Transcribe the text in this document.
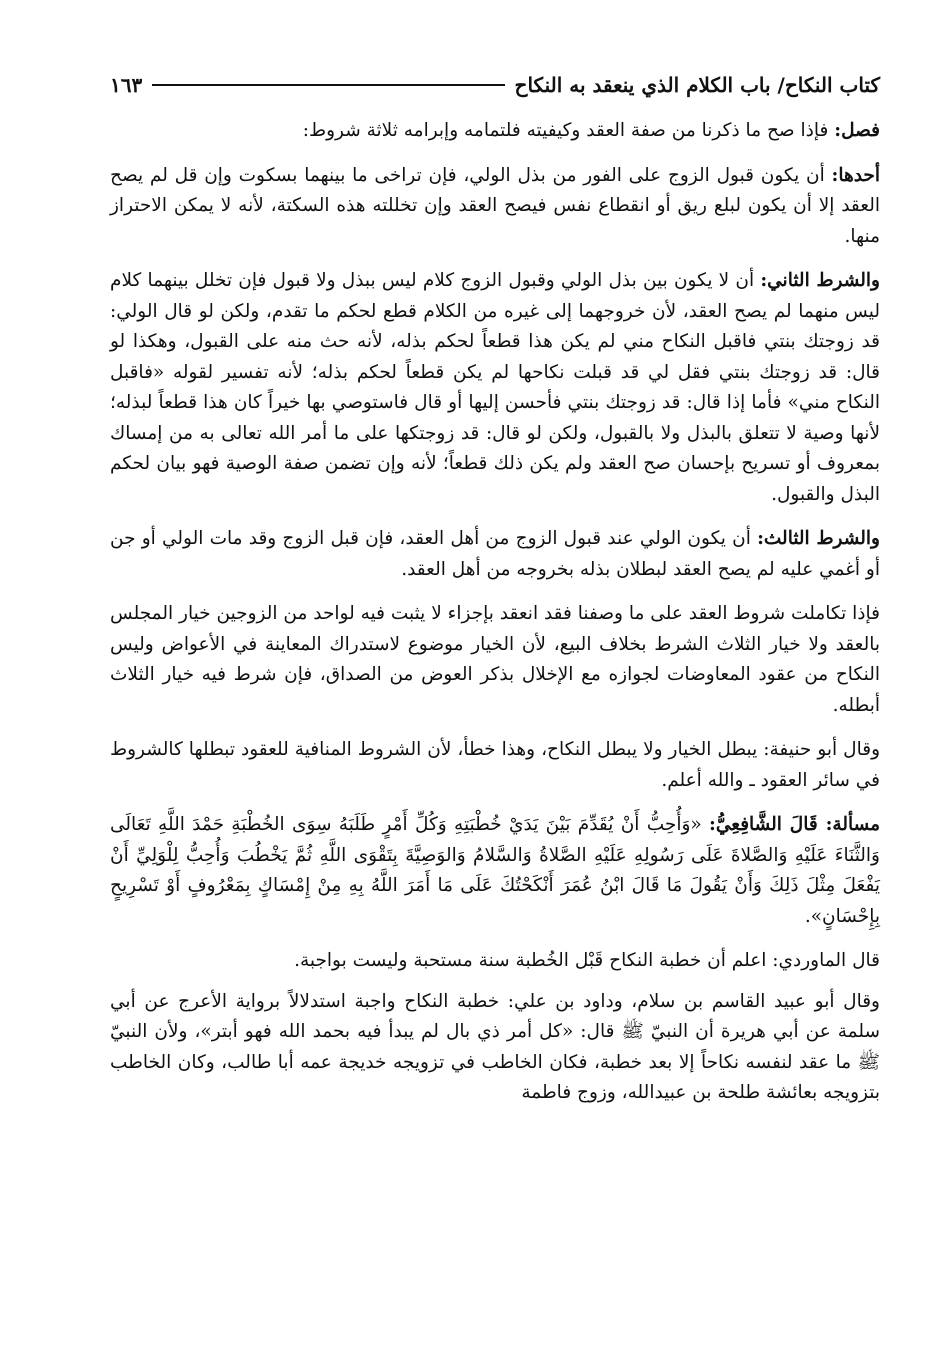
كتاب النكاح/ باب الكلام الذي ينعقد به النكاح
١٦٣

فصل: فإذا صح ما ذكرنا من صفة العقد وكيفيته فلتمامه وإبرامه ثلاثة شروط:

أحدها: أن يكون قبول الزوج على الفور من بذل الولي، فإن تراخى ما بينهما بسكوت وإن قل لم يصح العقد إلا أن يكون لبلع ريق أو انقطاع نفس فيصح العقد وإن تخللته هذه السكتة، لأنه لا يمكن الاحتراز منها.

والشرط الثاني: أن لا يكون بين بذل الولي وقبول الزوج كلام ليس ببذل ولا قبول فإن تخلل بينهما كلام ليس منهما لم يصح العقد، لأن خروجهما إلى غيره من الكلام قطع لحكم ما تقدم، ولكن لو قال الولي: قد زوجتك بنتي فاقبل النكاح مني لم يكن هذا قطعاً لحكم بذله، لأنه حث منه على القبول، وهكذا لو قال: قد زوجتك بنتي فقل لي قد قبلت نكاحها لم يكن قطعاً لحكم بذله؛ لأنه تفسير لقوله «فاقبل النكاح مني» فأما إذا قال: قد زوجتك بنتي فأحسن إليها أو قال فاستوصي بها خيراً كان هذا قطعاً لبذله؛ لأنها وصية لا تتعلق بالبذل ولا بالقبول، ولكن لو قال: قد زوجتكها على ما أمر الله تعالى به من إمساك بمعروف أو تسريح بإحسان صح العقد ولم يكن ذلك قطعاً؛ لأنه وإن تضمن صفة الوصية فهو بيان لحكم البذل والقبول.

والشرط الثالث: أن يكون الولي عند قبول الزوج من أهل العقد، فإن قبل الزوج وقد مات الولي أو جن أو أغمي عليه لم يصح العقد لبطلان بذله بخروجه من أهل العقد.

فإذا تكاملت شروط العقد على ما وصفنا فقد انعقد بإجزاء لا يثبت فيه لواحد من الزوجين خيار المجلس بالعقد ولا خيار الثلاث الشرط بخلاف البيع، لأن الخيار موضوع لاستدراك المعاينة في الأعواض وليس النكاح من عقود المعاوضات لجوازه مع الإخلال بذكر العوض من الصداق، فإن شرط فيه خيار الثلاث أبطله.

وقال أبو حنيفة: يبطل الخيار ولا يبطل النكاح، وهذا خطأ، لأن الشروط المنافية للعقود تبطلها كالشروط في سائر العقود ـ والله أعلم.

مسألة: قَالَ الشَّافِعِيُّ: «وَأُحِبُّ أَنْ يُقَدِّمَ بَيْنَ يَدَيْ خُطْبَتِهِ وَكُلِّ أَمْرٍ طَلَبَهُ سِوَى الخُطْبَةِ حَمْدَ اللَّهِ تَعَالَى وَالثَّنَاءَ عَلَيْهِ وَالصَّلاةَ عَلَى رَسُولِهِ عَلَيْهِ الصَّلاةُ وَالسَّلامُ وَالوَصِيَّةَ بِتَقْوَى اللَّهِ ثُمَّ يَخْطُبَ وَأُحِبُّ لِلْوَلِيِّ أَنْ يَفْعَلَ مِثْلَ ذَلِكَ وَأَنْ يَقُولَ مَا قَالَ ابْنُ عُمَرَ أَنْكَحْتُكَ عَلَى مَا أَمَرَ اللَّهُ بِهِ مِنْ إِمْسَاكٍ بِمَعْرُوفٍ أَوْ تَسْرِيحٍ بِإِحْسَانٍ».

قال الماوردي: اعلم أن خطبة النكاح قَبْل الخُطبة سنة مستحبة وليست بواجبة.

وقال أبو عبيد القاسم بن سلام، وداود بن علي: خطبة النكاح واجبة استدلالاً برواية الأعرج عن أبي سلمة عن أبي هريرة أن النبيّ ﷺ قال: «كل أمر ذي بال لم يبدأ فيه بحمد الله فهو أبتر»، ولأن النبيّ ﷺ ما عقد لنفسه نكاحاً إلا بعد خطبة، فكان الخاطب في تزويجه خديجة عمه أبا طالب، وكان الخاطب بتزويجه بعائشة طلحة بن عبيدالله، وزوج فاطمة
